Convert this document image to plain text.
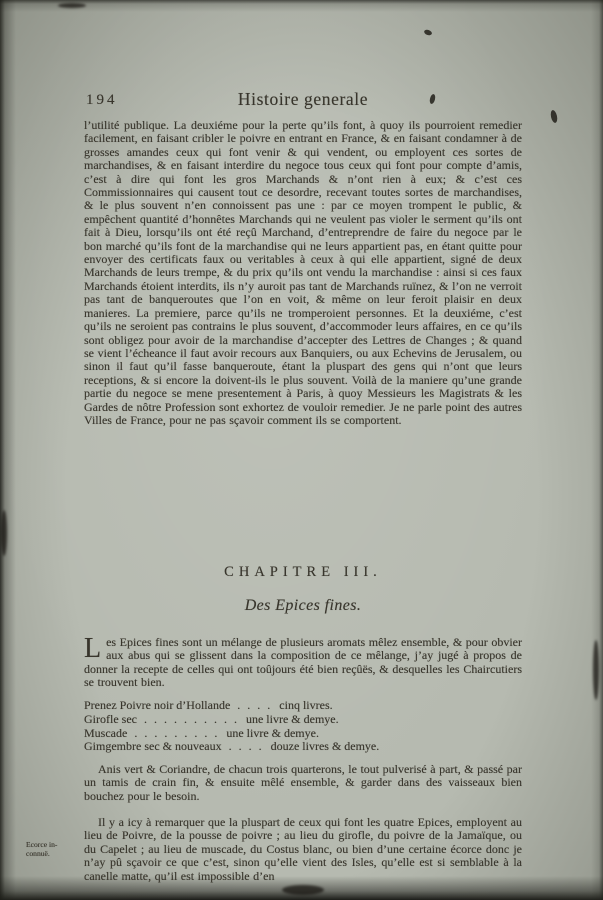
194	Histoire generale
l’utilité publique. La deuxiéme pour la perte qu’ils font, à quoy ils pourroient remedier facilement, en faisant cribler le poivre en entrant en France, & en faisant condamner à de grosses amandes ceux qui font venir & qui vendent, ou employent ces sortes de marchandises, & en faisant interdire du negoce tous ceux qui font pour compte d’amis, c’est à dire qui font les gros Marchands & n’ont rien à eux; & c’est ces Commissionnaires qui causent tout ce desordre, recevant toutes sortes de marchandises, & le plus souvent n’en connoissent pas une : par ce moyen trompent le public, & empêchent quantité d’honnêtes Marchands qui ne veulent pas violer le serment qu’ils ont fait à Dieu, lorsqu’ils ont été reçû Marchand, d’entreprendre de faire du negoce par le bon marché qu’ils font de la marchandise qui ne leurs appartient pas, en étant quitte pour envoyer des certificats faux ou veritables à ceux à qui elle appartient, signé de deux Marchands de leurs trempe, & du prix qu’ils ont vendu la marchandise : ainsi si ces faux Marchands étoient interdits, ils n’y auroit pas tant de Marchands ruïnez, & l’on ne verroit pas tant de banqueroutes que l’on en voit, & même on leur feroit plaisir en deux manieres. La premiere, parce qu’ils ne tromperoient personnes. Et la deuxiéme, c’est qu’ils ne seroient pas contrains le plus souvent, d’accommoder leurs affaires, en ce qu’ils sont obligez pour avoir de la marchandise d’accepter des Lettres de Changes ; & quand se vient l’écheance il faut avoir recours aux Banquiers, ou aux Echevins de Jerusalem, ou sinon il faut qu’il fasse banqueroute, étant la pluspart des gens qui n’ont que leurs receptions, & si encore la doivent-ils le plus souvent. Voilà de la maniere qu’une grande partie du negoce se mene presentement à Paris, à quoy Messieurs les Magistrats & les Gardes de nôtre Profession sont exhortez de vouloir remedier. Je ne parle point des autres Villes de France, pour ne pas sçavoir comment ils se comportent.
CHAPITRE III.
Des Epices fines.
Les Epices fines sont un mélange de plusieurs aromats mêlez ensemble, & pour obvier aux abus qui se glissent dans la composition de ce mêlange, j’ay jugé à propos de donner la recepte de celles qui ont toûjours été bien reçûës, & desquelles les Chaircutiers se trouvent bien.
Prenez Poivre noir d’Hollande . . . . cinq livres.
Girofle sec . . . . . . . . . . une livre & demye.
Muscade . . . . . . . . . une livre & demye.
Gimgembre sec & nouveaux . . . . douze livres & demye.
Anis vert & Coriandre, de chacun trois quarterons, le tout pulverisé à part, & passé par un tamis de crain fin, & ensuite mêlé ensemble, & garder dans des vaisseaux bien bouchez pour le besoin.
Il y a icy à remarquer que la pluspart de ceux qui font les quatre Epices, employent au lieu de Poivre, de la pousse de poivre ; au lieu du girofle, du poivre de la Jamaïque, ou du Capelet ; au lieu de muscade, du Costus blanc, ou bien d’une certaine écorce donc je n’ay pû sçavoir ce que c’est, sinon qu’elle vient des Isles, qu’elle est si semblable à la canelle matte, qu’il est impossible d’en
Ecorce in-
connuë.
